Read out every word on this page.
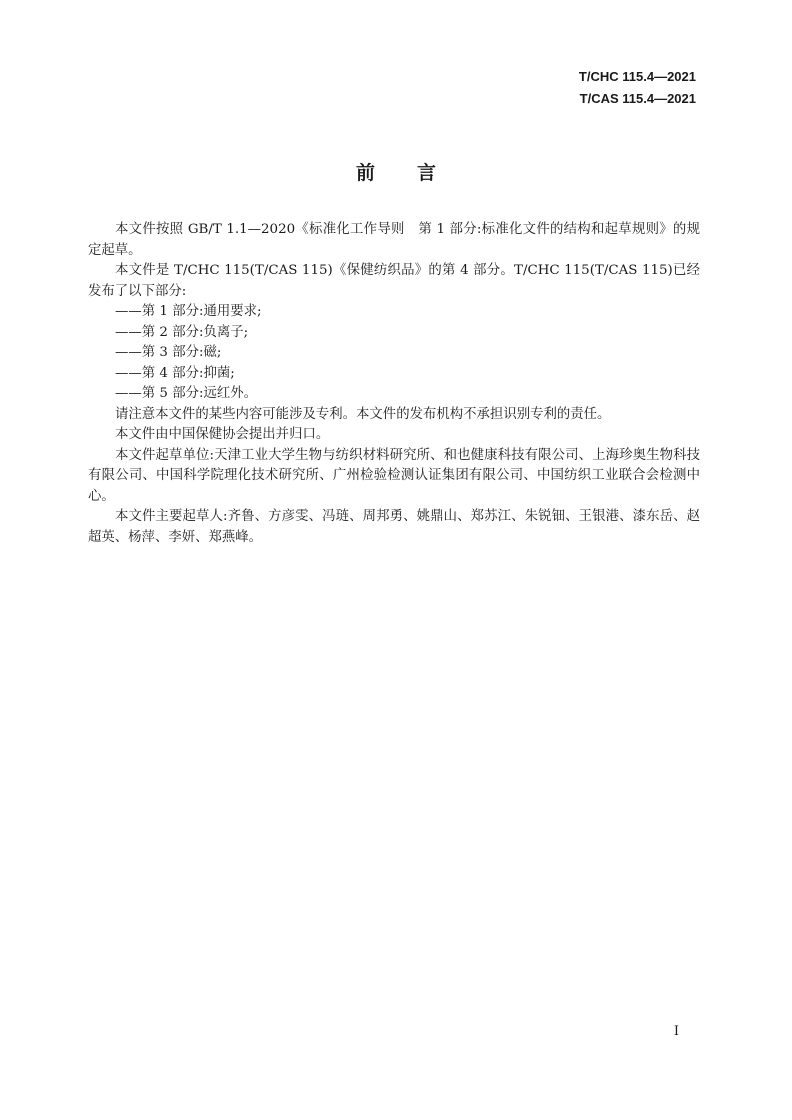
T/CHC 115.4—2021
T/CAS 115.4—2021
前言

本文件按照 GB/T 1.1—2020《标准化工作导则　第 1 部分:标准化文件的结构和起草规则》的规定起草。

本文件是 T/CHC 115(T/CAS 115)《保健纺织品》的第 4 部分。T/CHC 115(T/CAS 115)已经发布了以下部分:

——第 1 部分:通用要求;

——第 2 部分:负离子;

——第 3 部分:磁;

——第 4 部分:抑菌;

——第 5 部分:远红外。

请注意本文件的某些内容可能涉及专利。本文件的发布机构不承担识别专利的责任。

本文件由中国保健协会提出并归口。

本文件起草单位:天津工业大学生物与纺织材料研究所、和也健康科技有限公司、上海珍奥生物科技有限公司、中国科学院理化技术研究所、广州检验检测认证集团有限公司、中国纺织工业联合会检测中心。

本文件主要起草人:齐鲁、方彦雯、冯琏、周邦勇、姚鼎山、郑苏江、朱锐钿、王银港、漆东岳、赵超英、杨萍、李妍、郑燕峰。

I
